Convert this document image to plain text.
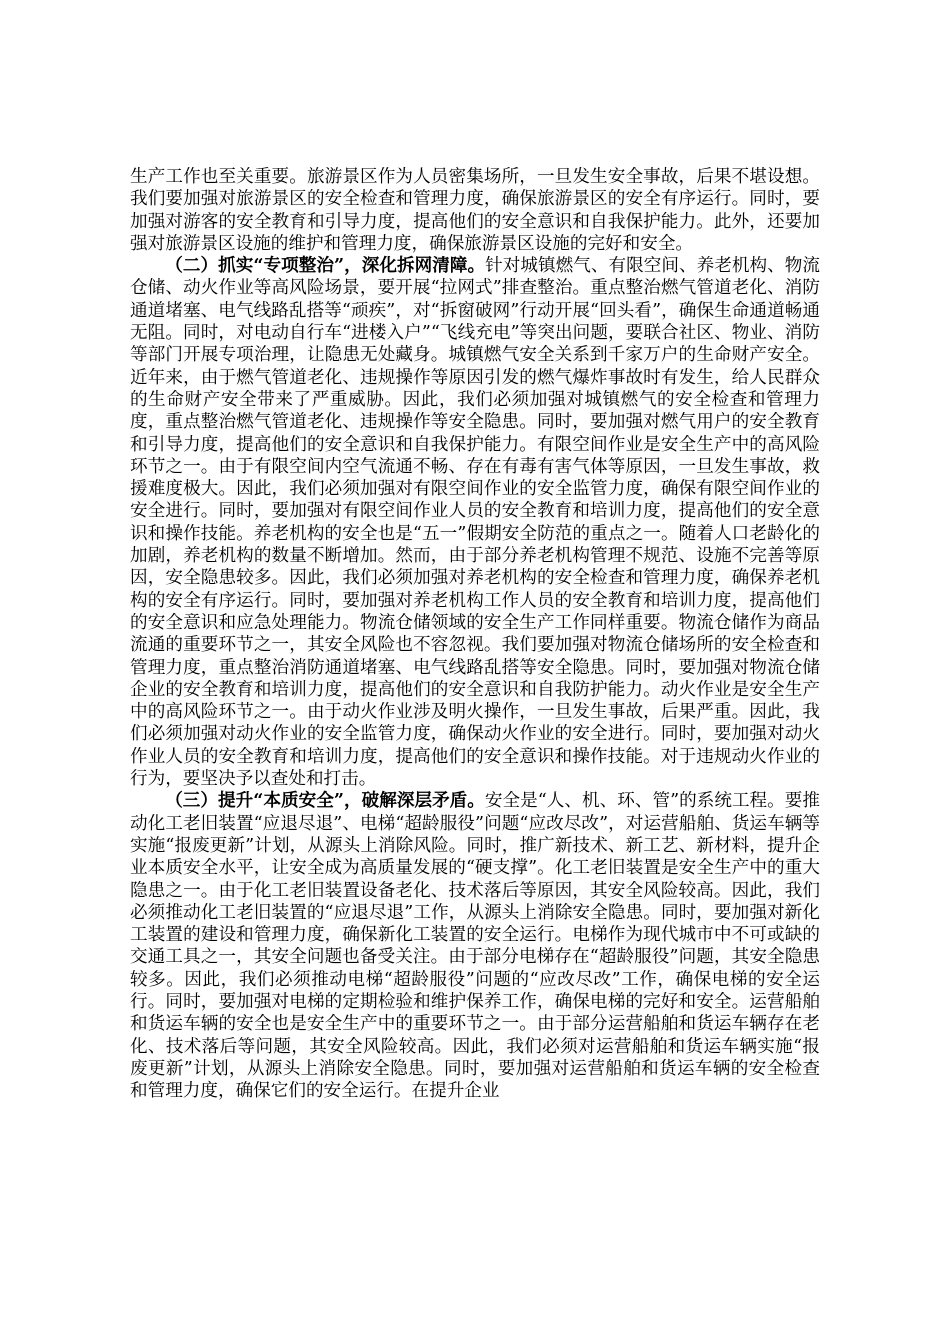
生产工作也至关重要。旅游景区作为人员密集场所，一旦发生安全事故，后果不堪设想。我们要加强对旅游景区的安全检查和管理力度，确保旅游景区的安全有序运行。同时，要加强对游客的安全教育和引导力度，提高他们的安全意识和自我保护能力。此外，还要加强对旅游景区设施的维护和管理力度，确保旅游景区设施的完好和安全。

（二）抓实“专项整治”，深化拆网清障。针对城镇燃气、有限空间、养老机构、物流仓储、动火作业等高风险场景，要开展“拉网式”排查整治。重点整治燃气管道老化、消防通道堵塞、电气线路乱搭等“顽疾”，对“拆窗破网”行动开展“回头看”，确保生命通道畅通无阻。同时，对电动自行车“进楼入户”“飞线充电”等突出问题，要联合社区、物业、消防等部门开展专项治理，让隐患无处藏身。城镇燃气安全关系到千家万户的生命财产安全。近年来，由于燃气管道老化、违规操作等原因引发的燃气爆炸事故时有发生，给人民群众的生命财产安全带来了严重威胁。因此，我们必须加强对城镇燃气的安全检查和管理力度，重点整治燃气管道老化、违规操作等安全隐患。同时，要加强对燃气用户的安全教育和引导力度，提高他们的安全意识和自我保护能力。有限空间作业是安全生产中的高风险环节之一。由于有限空间内空气流通不畅、存在有毒有害气体等原因，一旦发生事故，救援难度极大。因此，我们必须加强对有限空间作业的安全监管力度，确保有限空间作业的安全进行。同时，要加强对有限空间作业人员的安全教育和培训力度，提高他们的安全意识和操作技能。养老机构的安全也是“五一”假期安全防范的重点之一。随着人口老龄化的加剧，养老机构的数量不断增加。然而，由于部分养老机构管理不规范、设施不完善等原因，安全隐患较多。因此，我们必须加强对养老机构的安全检查和管理力度，确保养老机构的安全有序运行。同时，要加强对养老机构工作人员的安全教育和培训力度，提高他们的安全意识和应急处理能力。物流仓储领域的安全生产工作同样重要。物流仓储作为商品流通的重要环节之一，其安全风险也不容忽视。我们要加强对物流仓储场所的安全检查和管理力度，重点整治消防通道堵塞、电气线路乱搭等安全隐患。同时，要加强对物流仓储企业的安全教育和培训力度，提高他们的安全意识和自我防护能力。动火作业是安全生产中的高风险环节之一。由于动火作业涉及明火操作，一旦发生事故，后果严重。因此，我们必须加强对动火作业的安全监管力度，确保动火作业的安全进行。同时，要加强对动火作业人员的安全教育和培训力度，提高他们的安全意识和操作技能。对于违规动火作业的行为，要坚决予以查处和打击。

（三）提升“本质安全”，破解深层矛盾。安全是“人、机、环、管”的系统工程。要推动化工老旧装置“应退尽退”、电梯“超龄服役”问题“应改尽改”，对运营船舶、货运车辆等实施“报废更新”计划，从源头上消除风险。同时，推广新技术、新工艺、新材料，提升企业本质安全水平，让安全成为高质量发展的“硬支撑”。化工老旧装置是安全生产中的重大隐患之一。由于化工老旧装置设备老化、技术落后等原因，其安全风险较高。因此，我们必须推动化工老旧装置的“应退尽退”工作，从源头上消除安全隐患。同时，要加强对新化工装置的建设和管理力度，确保新化工装置的安全运行。电梯作为现代城市中不可或缺的交通工具之一，其安全问题也备受关注。由于部分电梯存在“超龄服役”问题，其安全隐患较多。因此，我们必须推动电梯“超龄服役”问题的“应改尽改”工作，确保电梯的安全运行。同时，要加强对电梯的定期检验和维护保养工作，确保电梯的完好和安全。运营船舶和货运车辆的安全也是安全生产中的重要环节之一。由于部分运营船舶和货运车辆存在老化、技术落后等问题，其安全风险较高。因此，我们必须对运营船舶和货运车辆实施“报废更新”计划，从源头上消除安全隐患。同时，要加强对运营船舶和货运车辆的安全检查和管理力度，确保它们的安全运行。在提升企业
